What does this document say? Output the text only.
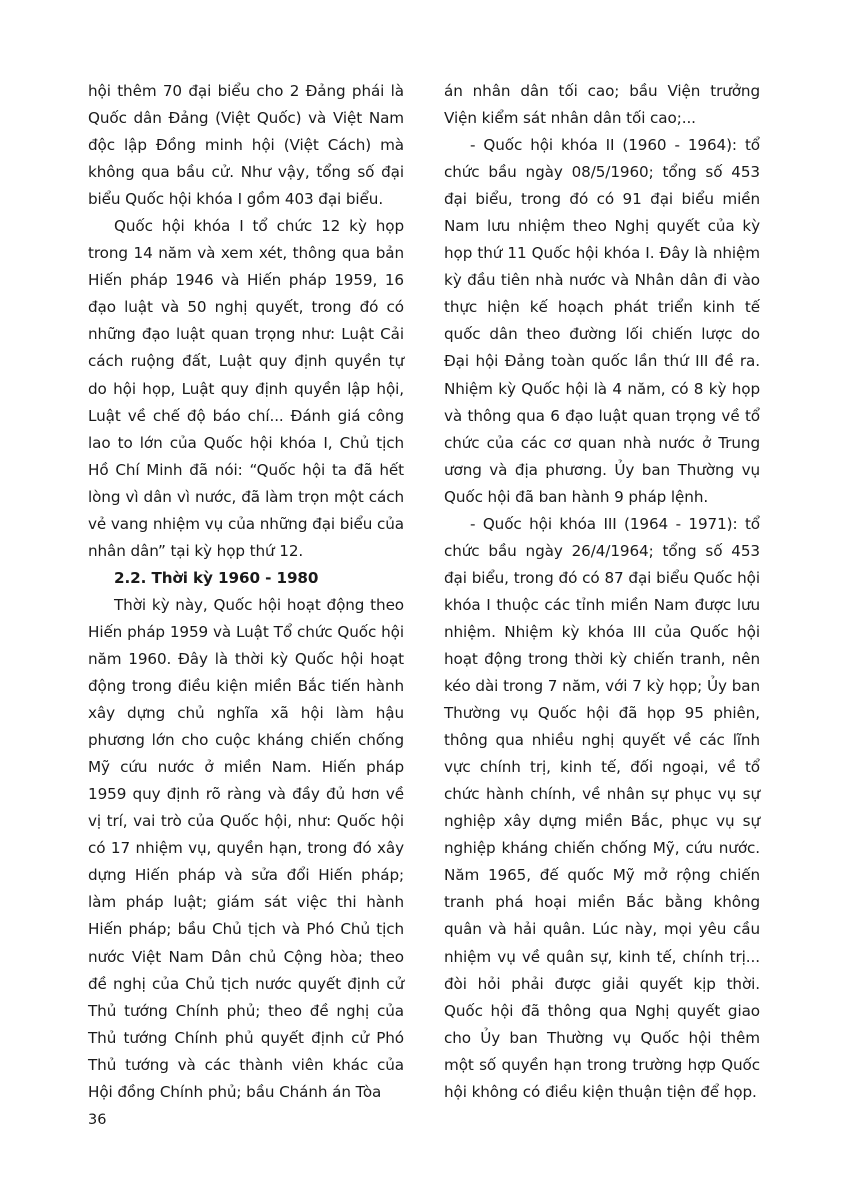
hội thêm 70 đại biểu cho 2 Đảng phái là Quốc dân Đảng (Việt Quốc) và Việt Nam độc lập Đồng minh hội (Việt Cách) mà không qua bầu cử. Như vậy, tổng số đại biểu Quốc hội khóa I gồm 403 đại biểu.

Quốc hội khóa I tổ chức 12 kỳ họp trong 14 năm và xem xét, thông qua bản Hiến pháp 1946 và Hiến pháp 1959, 16 đạo luật và 50 nghị quyết, trong đó có những đạo luật quan trọng như: Luật Cải cách ruộng đất, Luật quy định quyền tự do hội họp, Luật quy định quyền lập hội, Luật về chế độ báo chí... Đánh giá công lao to lớn của Quốc hội khóa I, Chủ tịch Hồ Chí Minh đã nói: “Quốc hội ta đã hết lòng vì dân vì nước, đã làm trọn một cách vẻ vang nhiệm vụ của những đại biểu của nhân dân” tại kỳ họp thứ 12.

2.2. Thời kỳ 1960 - 1980

Thời kỳ này, Quốc hội hoạt động theo Hiến pháp 1959 và Luật Tổ chức Quốc hội năm 1960. Đây là thời kỳ Quốc hội hoạt động trong điều kiện miền Bắc tiến hành xây dựng chủ nghĩa xã hội làm hậu phương lớn cho cuộc kháng chiến chống Mỹ cứu nước ở miền Nam. Hiến pháp 1959 quy định rõ ràng và đầy đủ hơn về vị trí, vai trò của Quốc hội, như: Quốc hội có 17 nhiệm vụ, quyền hạn, trong đó xây dựng Hiến pháp và sửa đổi Hiến pháp; làm pháp luật; giám sát việc thi hành Hiến pháp; bầu Chủ tịch và Phó Chủ tịch nước Việt Nam Dân chủ Cộng hòa; theo đề nghị của Chủ tịch nước quyết định cử Thủ tướng Chính phủ; theo đề nghị của Thủ tướng Chính phủ quyết định cử Phó Thủ tướng và các thành viên khác của Hội đồng Chính phủ; bầu Chánh án Tòa

án nhân dân tối cao; bầu Viện trưởng Viện kiểm sát nhân dân tối cao;...

- Quốc hội khóa II (1960 - 1964): tổ chức bầu ngày 08/5/1960; tổng số 453 đại biểu, trong đó có 91 đại biểu miền Nam lưu nhiệm theo Nghị quyết của kỳ họp thứ 11 Quốc hội khóa I. Đây là nhiệm kỳ đầu tiên nhà nước và Nhân dân đi vào thực hiện kế hoạch phát triển kinh tế quốc dân theo đường lối chiến lược do Đại hội Đảng toàn quốc lần thứ III đề ra. Nhiệm kỳ Quốc hội là 4 năm, có 8 kỳ họp và thông qua 6 đạo luật quan trọng về tổ chức của các cơ quan nhà nước ở Trung ương và địa phương. Ủy ban Thường vụ Quốc hội đã ban hành 9 pháp lệnh.

- Quốc hội khóa III (1964 - 1971): tổ chức bầu ngày 26/4/1964; tổng số 453 đại biểu, trong đó có 87 đại biểu Quốc hội khóa I thuộc các tỉnh miền Nam được lưu nhiệm. Nhiệm kỳ khóa III của Quốc hội hoạt động trong thời kỳ chiến tranh, nên kéo dài trong 7 năm, với 7 kỳ họp; Ủy ban Thường vụ Quốc hội đã họp 95 phiên, thông qua nhiều nghị quyết về các lĩnh vực chính trị, kinh tế, đối ngoại, về tổ chức hành chính, về nhân sự phục vụ sự nghiệp xây dựng miền Bắc, phục vụ sự nghiệp kháng chiến chống Mỹ, cứu nước. Năm 1965, đế quốc Mỹ mở rộng chiến tranh phá hoại miền Bắc bằng không quân và hải quân. Lúc này, mọi yêu cầu nhiệm vụ về quân sự, kinh tế, chính trị... đòi hỏi phải được giải quyết kịp thời. Quốc hội đã thông qua Nghị quyết giao cho Ủy ban Thường vụ Quốc hội thêm một số quyền hạn trong trường hợp Quốc hội không có điều kiện thuận tiện để họp.

36
